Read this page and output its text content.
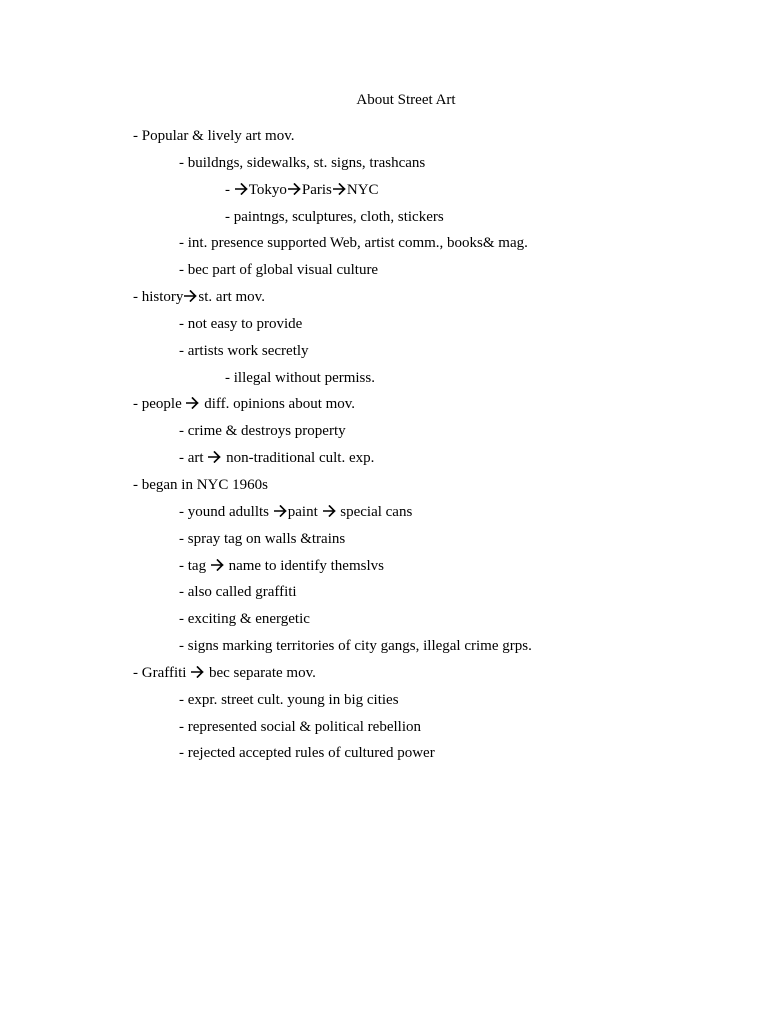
About Street Art
- Popular & lively art mov.
- buildngs, sidewalks, st. signs, trashcans
-
Tokyo Paris NYC
- paintngs, sculptures, cloth, stickers
- int. presence supported Web, artist comm., books& mag.
- bec part of global visual culture
- history st. art mov.
- not easy to provide
- artists work secretly
- illegal without permiss.
- people
diff. opinions about mov.
- crime & destroys property
- art
non-traditional cult. exp.
- began in NYC 1960s
- yound adullts
paint
special cans
- spray tag on walls &trains
- tag
name to identify themslvs
- also called graffiti
- exciting & energetic
- signs marking territories of city gangs, illegal crime grps.
- Graffiti
bec separate mov.
- expr. street cult. young in big cities
- represented social & political rebellion
- rejected accepted rules of cultured power
